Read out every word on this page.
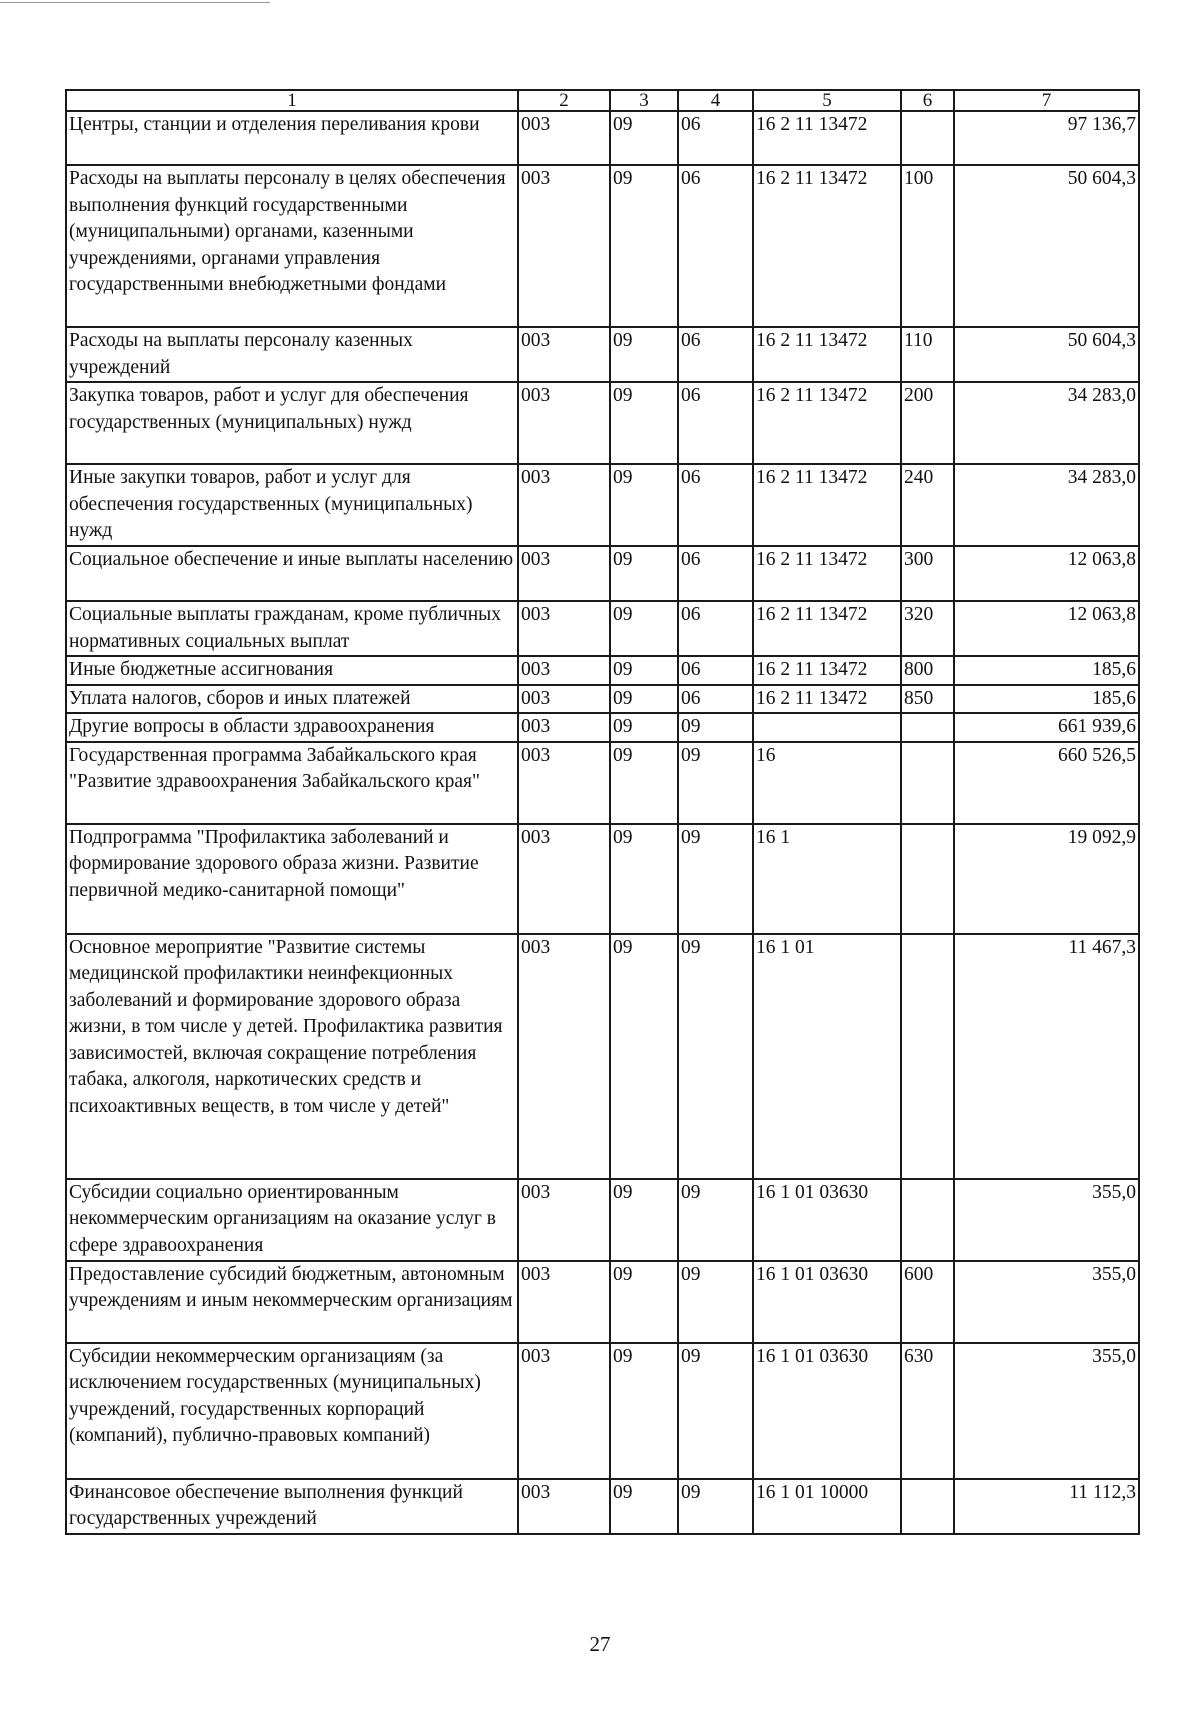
1	2	3	4	5	6	7
Центры, станции и отделения переливания крови	003	09	06	16 2 11 13472		97 136,7
Расходы на выплаты персоналу в целях обеспечения выполнения функций государственными (муниципальными) органами, казенными учреждениями, органами управления государственными внебюджетными фондами	003	09	06	16 2 11 13472	100	50 604,3
Расходы на выплаты персоналу казенных учреждений	003	09	06	16 2 11 13472	110	50 604,3
Закупка товаров, работ и услуг для обеспечения государственных (муниципальных) нужд	003	09	06	16 2 11 13472	200	34 283,0
Иные закупки товаров, работ и услуг для обеспечения государственных (муниципальных) нужд	003	09	06	16 2 11 13472	240	34 283,0
Социальное обеспечение и иные выплаты населению	003	09	06	16 2 11 13472	300	12 063,8
Социальные выплаты гражданам, кроме публичных нормативных социальных выплат	003	09	06	16 2 11 13472	320	12 063,8
Иные бюджетные ассигнования	003	09	06	16 2 11 13472	800	185,6
Уплата налогов, сборов и иных платежей	003	09	06	16 2 11 13472	850	185,6
Другие вопросы в области здравоохранения	003	09	09			661 939,6
Государственная программа Забайкальского края "Развитие здравоохранения Забайкальского края"	003	09	09	16		660 526,5
Подпрограмма "Профилактика заболеваний и формирование здорового образа жизни. Развитие первичной медико-санитарной помощи"	003	09	09	16 1		19 092,9
Основное мероприятие "Развитие системы медицинской профилактики неинфекционных заболеваний и формирование здорового образа жизни, в том числе у детей. Профилактика развития зависимостей, включая сокращение потребления табака, алкоголя, наркотических средств и психоактивных веществ, в том числе у детей"	003	09	09	16 1 01		11 467,3
Субсидии социально ориентированным некоммерческим организациям на оказание услуг в сфере здравоохранения	003	09	09	16 1 01 03630		355,0
Предоставление субсидий бюджетным, автономным учреждениям и иным некоммерческим организациям	003	09	09	16 1 01 03630	600	355,0
Субсидии некоммерческим организациям (за исключением государственных (муниципальных) учреждений, государственных корпораций (компаний), публично-правовых компаний)	003	09	09	16 1 01 03630	630	355,0
Финансовое обеспечение выполнения функций государственных учреждений	003	09	09	16 1 01 10000		11 112,3
27
